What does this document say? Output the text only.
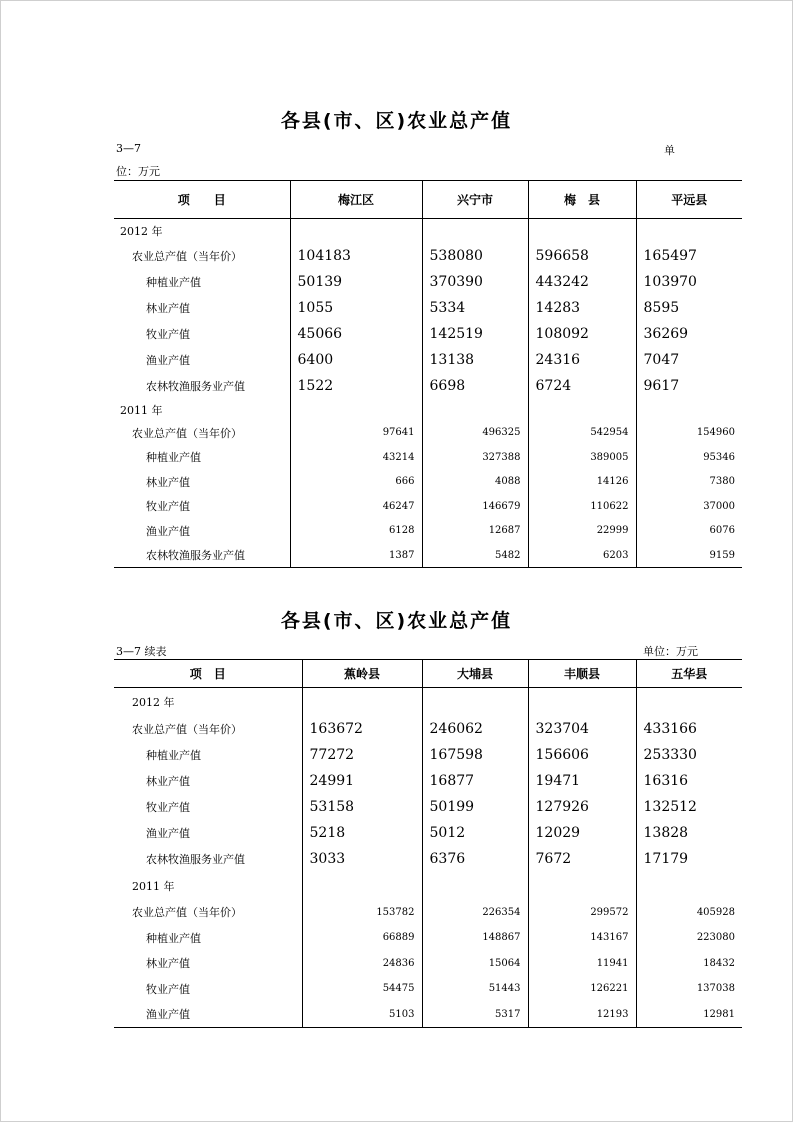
各县(市、区)农业总产值
3—7	单
位：万元
项　　目	梅江区	兴宁市	梅　县	平远县
2012 年				
农业总产值（当年价）	104183	538080	596658	165497
种植业产值	50139	370390	443242	103970
林业产值	1055	5334	14283	8595
牧业产值	45066	142519	108092	36269
渔业产值	6400	13138	24316	7047
农林牧渔服务业产值	1522	6698	6724	9617
2011 年				
农业总产值（当年价）	97641	496325	542954	154960
种植业产值	43214	327388	389005	95346
林业产值	666	4088	14126	7380
牧业产值	46247	146679	110622	37000
渔业产值	6128	12687	22999	6076
农林牧渔服务业产值	1387	5482	6203	9159
各县(市、区)农业总产值
3—7 续表	单位：万元
项　目	蕉岭县	大埔县	丰顺县	五华县
2012 年				
农业总产值（当年价）	163672	246062	323704	433166
种植业产值	77272	167598	156606	253330
林业产值	24991	16877	19471	16316
牧业产值	53158	50199	127926	132512
渔业产值	5218	5012	12029	13828
农林牧渔服务业产值	3033	6376	7672	17179
2011 年				
农业总产值（当年价）	153782	226354	299572	405928
种植业产值	66889	148867	143167	223080
林业产值	24836	15064	11941	18432
牧业产值	54475	51443	126221	137038
渔业产值	5103	5317	12193	12981
